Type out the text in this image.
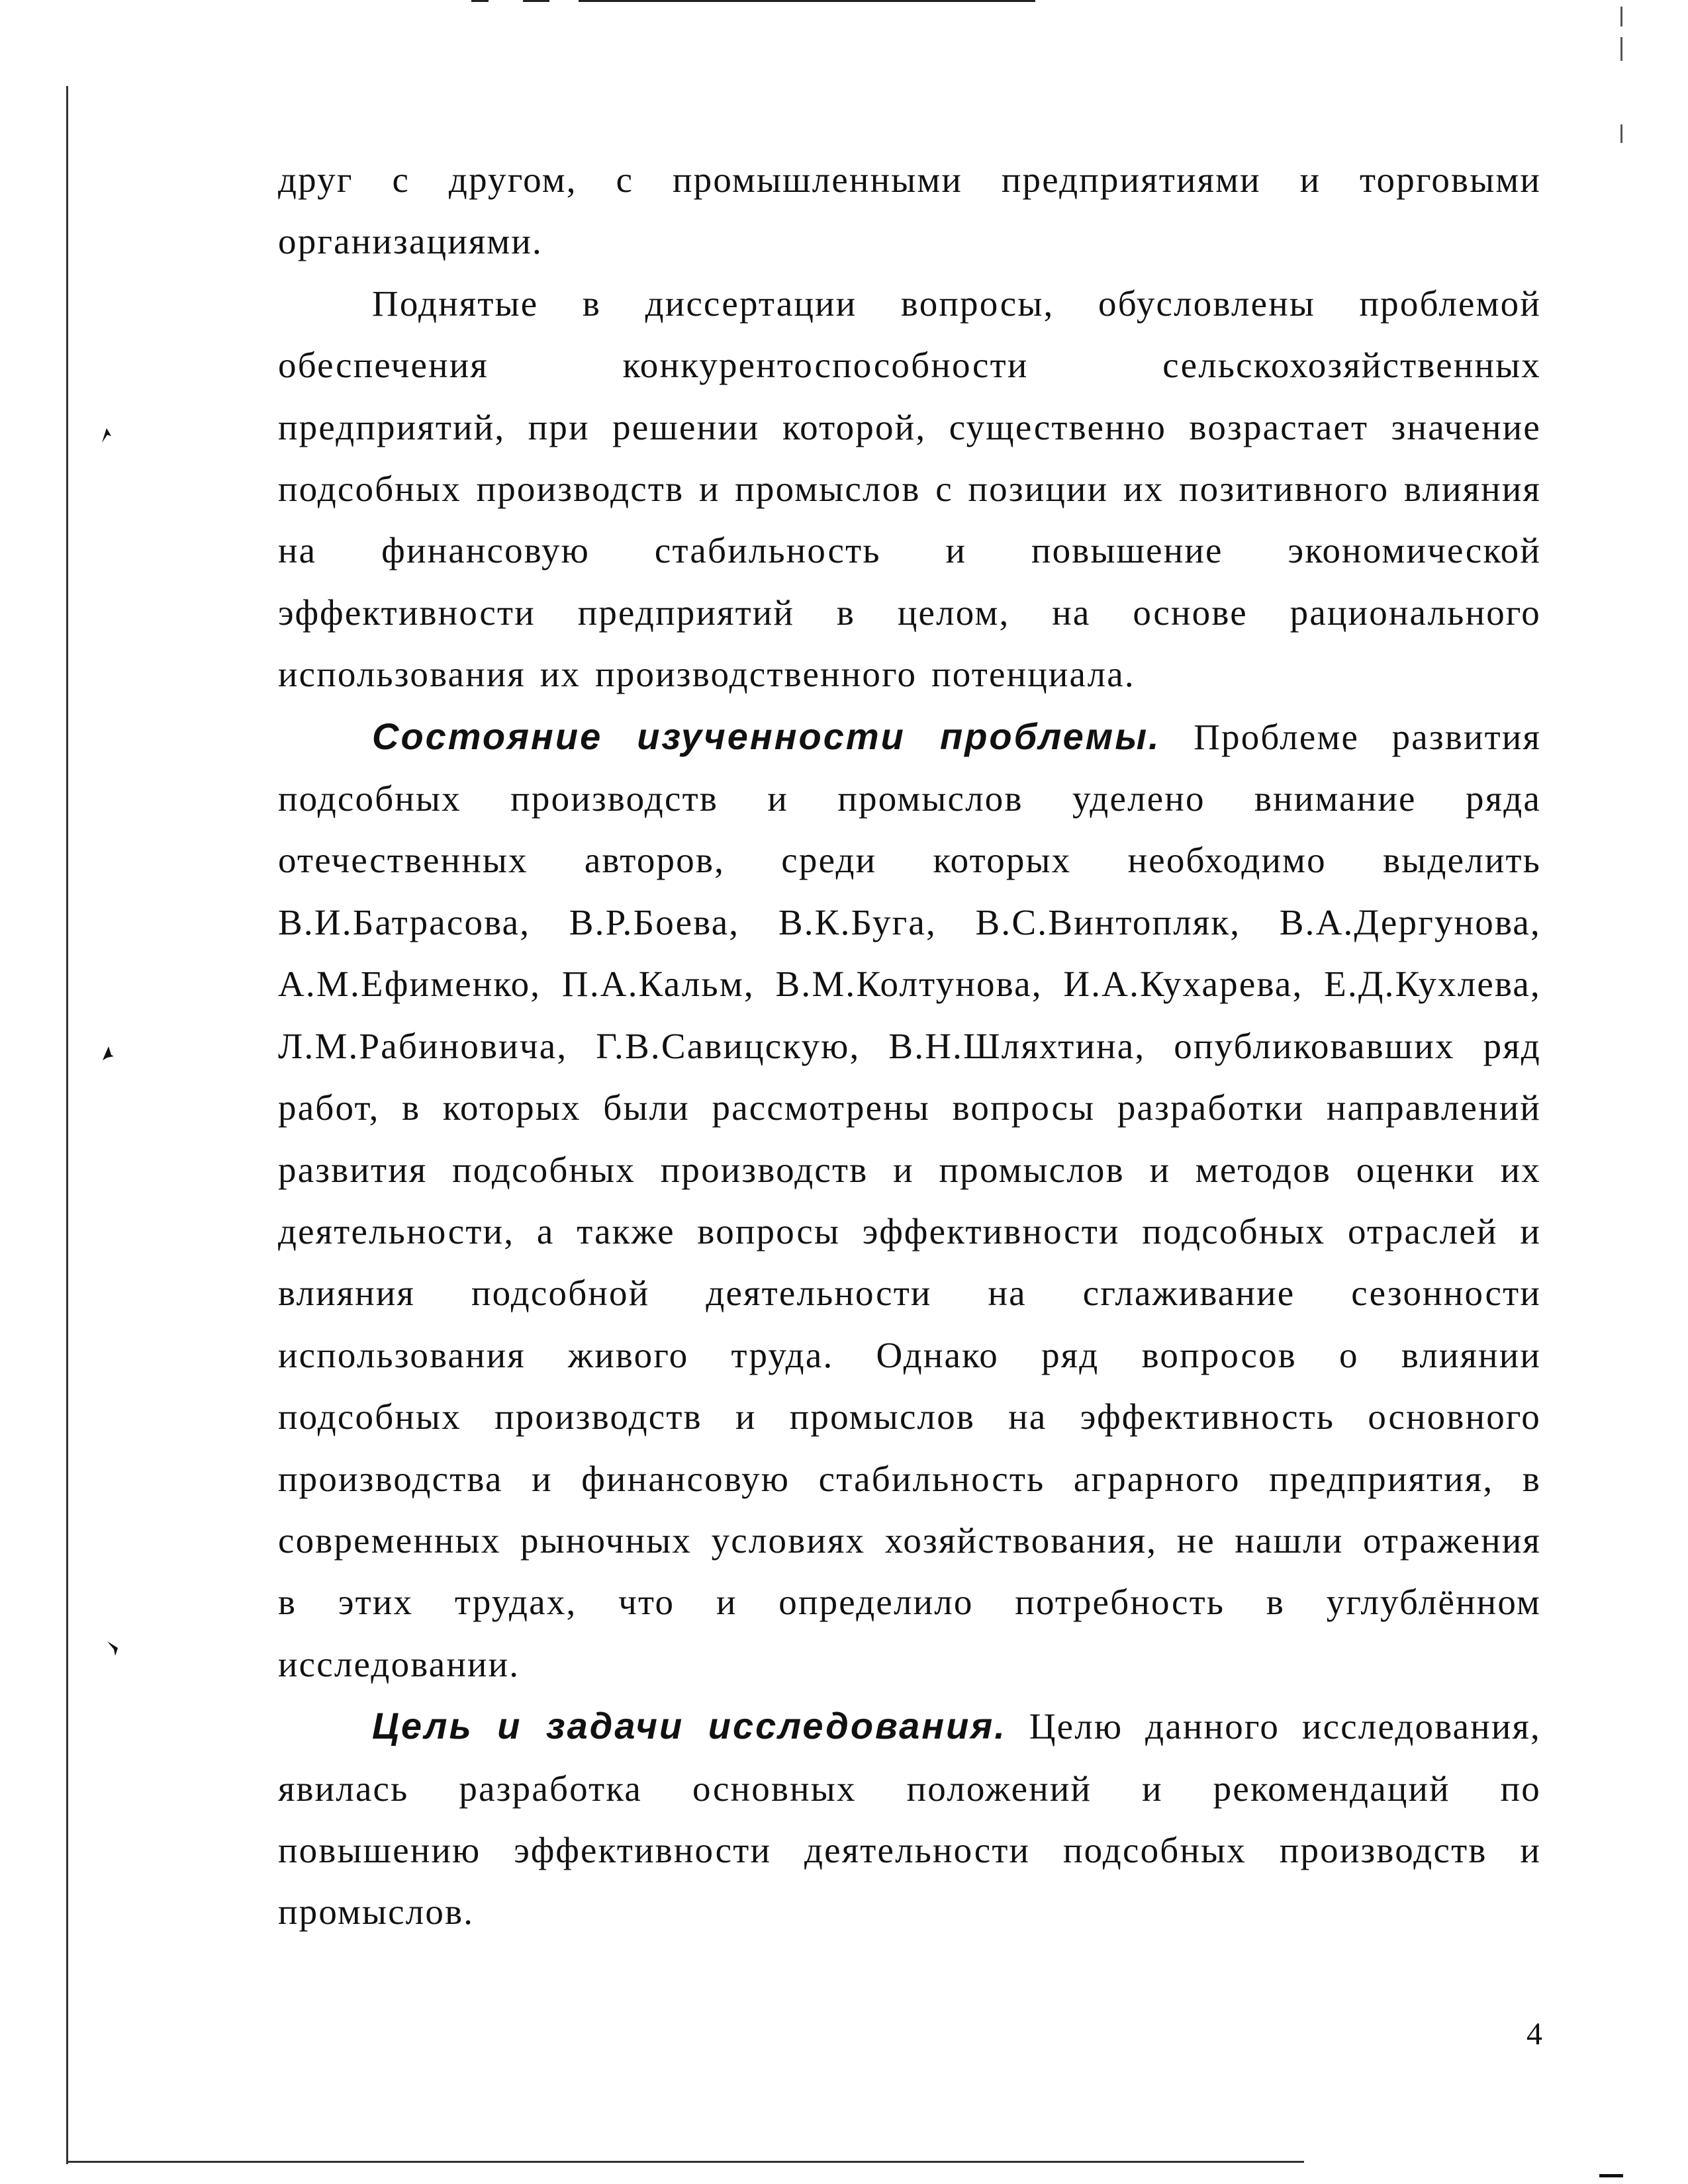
друг с другом, с промышленными предприятиями и торговыми организациями.

Поднятые в диссертации вопросы, обусловлены проблемой обеспечения конкурентоспособности сельскохозяйственных предприятий, при решении которой, существенно возрастает значение подсобных производств и промыслов с позиции их позитивного влияния на финансовую стабильность и повышение экономической эффективности предприятий в целом, на основе рационального использования их производственного потенциала.

Состояние изученности проблемы. Проблеме развития подсобных производств и промыслов уделено внимание ряда отечественных авторов, среди которых необходимо выделить В.И.Батрасова, В.Р.Боева, В.К.Буга, В.С.Винтопляк, В.А.Дергунова, А.М.Ефименко, П.А.Кальм, В.М.Колтунова, И.А.Кухарева, Е.Д.Кухлева, Л.М.Рабиновича, Г.В.Савицскую, В.Н.Шляхтина, опубликовавших ряд работ, в которых были рассмотрены вопросы разработки направлений развития подсобных производств и промыслов и методов оценки их деятельности, а также вопросы эффективности подсобных отраслей и влияния подсобной деятельности на сглаживание сезонности использования живого труда. Однако ряд вопросов о влиянии подсобных производств и промыслов на эффективность основного производства и финансовую стабильность аграрного предприятия, в современных рыночных условиях хозяйствования, не нашли отражения в этих трудах, что и определило потребность в углублённом исследовании.

Цель и задачи исследования. Целю данного исследования, явилась разработка основных положений и рекомендаций по повышению эффективности деятельности подсобных производств и промыслов.

4
